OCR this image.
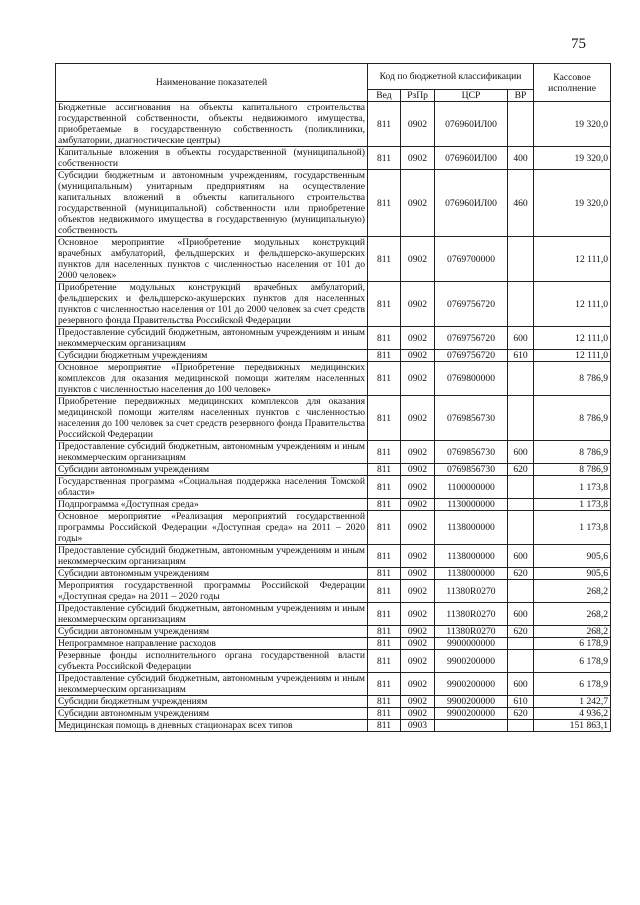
75
Наименование показателей	Код по бюджетной классификации				Кассовое исполнение
	Вед	РзПр	ЦСР	ВР	
Бюджетные ассигнования на объекты капитального строительства государственной собственности, объекты недвижимого имущества, приобретаемые в государственную собственность (поликлиники, амбулатории, диагностические центры)	811	0902	076960ИЛ00		19 320,0
Капитальные вложения в объекты государственной (муниципальной) собственности	811	0902	076960ИЛ00	400	19 320,0
Субсидии бюджетным и автономным учреждениям, государственным (муниципальным) унитарным предприятиям на осуществление капитальных вложений в объекты капитального строительства государственной (муниципальной) собственности или приобретение объектов недвижимого имущества в государственную (муниципальную) собственность	811	0902	076960ИЛ00	460	19 320,0
Основное мероприятие «Приобретение модульных конструкций врачебных амбулаторий, фельдшерских и фельдшерско-акушерских пунктов для населенных пунктов с численностью населения от 101 до 2000 человек»	811	0902	0769700000		12 111,0
Приобретение модульных конструкций врачебных амбулаторий, фельдшерских и фельдшерско-акушерских пунктов для населенных пунктов с численностью населения от 101 до 2000 человек за счет средств резервного фонда Правительства Российской Федерации	811	0902	0769756720		12 111,0
Предоставление субсидий бюджетным, автономным учреждениям и иным некоммерческим организациям	811	0902	0769756720	600	12 111,0
Субсидии бюджетным учреждениям	811	0902	0769756720	610	12 111,0
Основное мероприятие «Приобретение передвижных медицинских комплексов для оказания медицинской помощи жителям населенных пунктов с численностью населения до 100 человек»	811	0902	0769800000		8 786,9
Приобретение передвижных медицинских комплексов для оказания медицинской помощи жителям населенных пунктов с численностью населения до 100 человек за счет средств резервного фонда Правительства Российской Федерации	811	0902	0769856730		8 786,9
Предоставление субсидий бюджетным, автономным учреждениям и иным некоммерческим организациям	811	0902	0769856730	600	8 786,9
Субсидии автономным учреждениям	811	0902	0769856730	620	8 786,9
Государственная программа «Социальная поддержка населения Томской области»	811	0902	1100000000		1 173,8
Подпрограмма «Доступная среда»	811	0902	1130000000		1 173,8
Основное мероприятие «Реализация мероприятий государственной программы Российской Федерации «Доступная среда» на 2011 – 2020 годы»	811	0902	1138000000		1 173,8
Предоставление субсидий бюджетным, автономным учреждениям и иным некоммерческим организациям	811	0902	1138000000	600	905,6
Субсидии автономным учреждениям	811	0902	1138000000	620	905,6
Мероприятия государственной программы Российской Федерации «Доступная среда» на 2011 – 2020 годы	811	0902	11380R0270		268,2
Предоставление субсидий бюджетным, автономным учреждениям и иным некоммерческим организациям	811	0902	11380R0270	600	268,2
Субсидии автономным учреждениям	811	0902	11380R0270	620	268,2
Непрограммное направление расходов	811	0902	9900000000		6 178,9
Резервные фонды исполнительного органа государственной власти субъекта Российской Федерации	811	0902	9900200000		6 178,9
Предоставление субсидий бюджетным, автономным учреждениям и иным некоммерческим организациям	811	0902	9900200000	600	6 178,9
Субсидии бюджетным учреждениям	811	0902	9900200000	610	1 242,7
Субсидии автономным учреждениям	811	0902	9900200000	620	4 936,2
Медицинская помощь в дневных стационарах всех типов	811	0903			151 863,1
